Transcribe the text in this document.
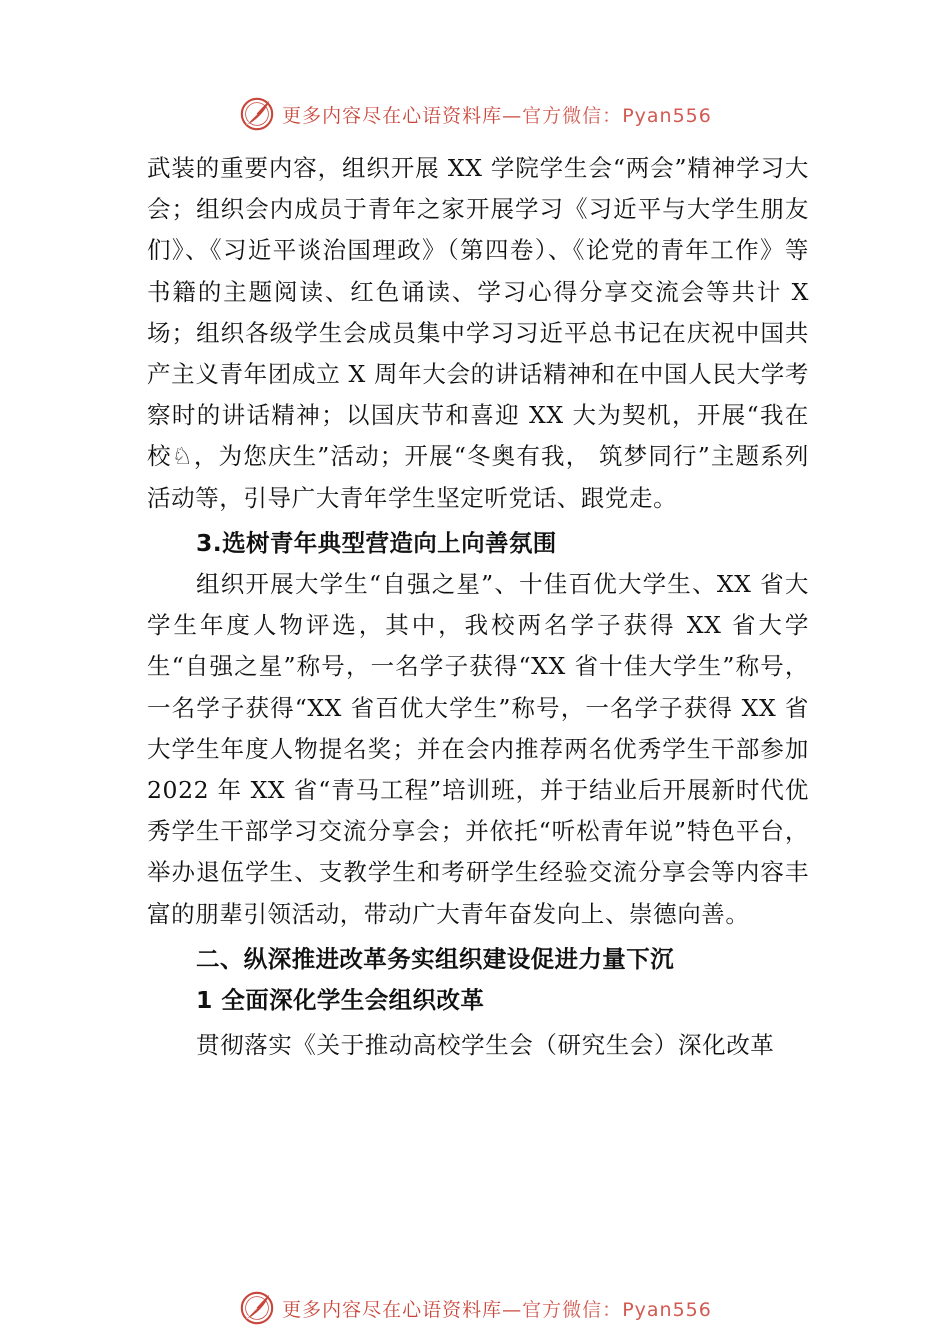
更多内容尽在心语资料库—官方微信：Pyan556

武装的重要内容，组织开展 XX 学院学生会“两会”精神学习大会；组织会内成员于青年之家开展学习《习近平与大学生朋友们》、《习近平谈治国理政》（第四卷）、《论党的青年工作》等书籍的主题阅读、红色诵读、学习心得分享交流会等共计 X 场；组织各级学生会成员集中学习习近平总书记在庆祝中国共产主义青年团成立 X 周年大会的讲话精神和在中国人民大学考察时的讲话精神；以国庆节和喜迎 XX 大为契机，开展“我在校♘，为您庆生”活动；开展“冬奥有我， 筑梦同行”主题系列活动等，引导广大青年学生坚定听党话、跟党走。

3.选树青年典型营造向上向善氛围

组织开展大学生“自强之星”、十佳百优大学生、XX 省大学生年度人物评选，其中，我校两名学子获得 XX 省大学生“自强之星”称号，一名学子获得“XX 省十佳大学生”称号，一名学子获得“XX 省百优大学生”称号，一名学子获得 XX 省大学生年度人物提名奖；并在会内推荐两名优秀学生干部参加 2022 年 XX 省“青马工程”培训班，并于结业后开展新时代优秀学生干部学习交流分享会；并依托“听松青年说”特色平台，举办退伍学生、支教学生和考研学生经验交流分享会等内容丰富的朋辈引领活动，带动广大青年奋发向上、崇德向善。

二、纵深推进改革务实组织建设促进力量下沉

1 全面深化学生会组织改革

贯彻落实《关于推动高校学生会（研究生会）深化改革

更多内容尽在心语资料库—官方微信：Pyan556
